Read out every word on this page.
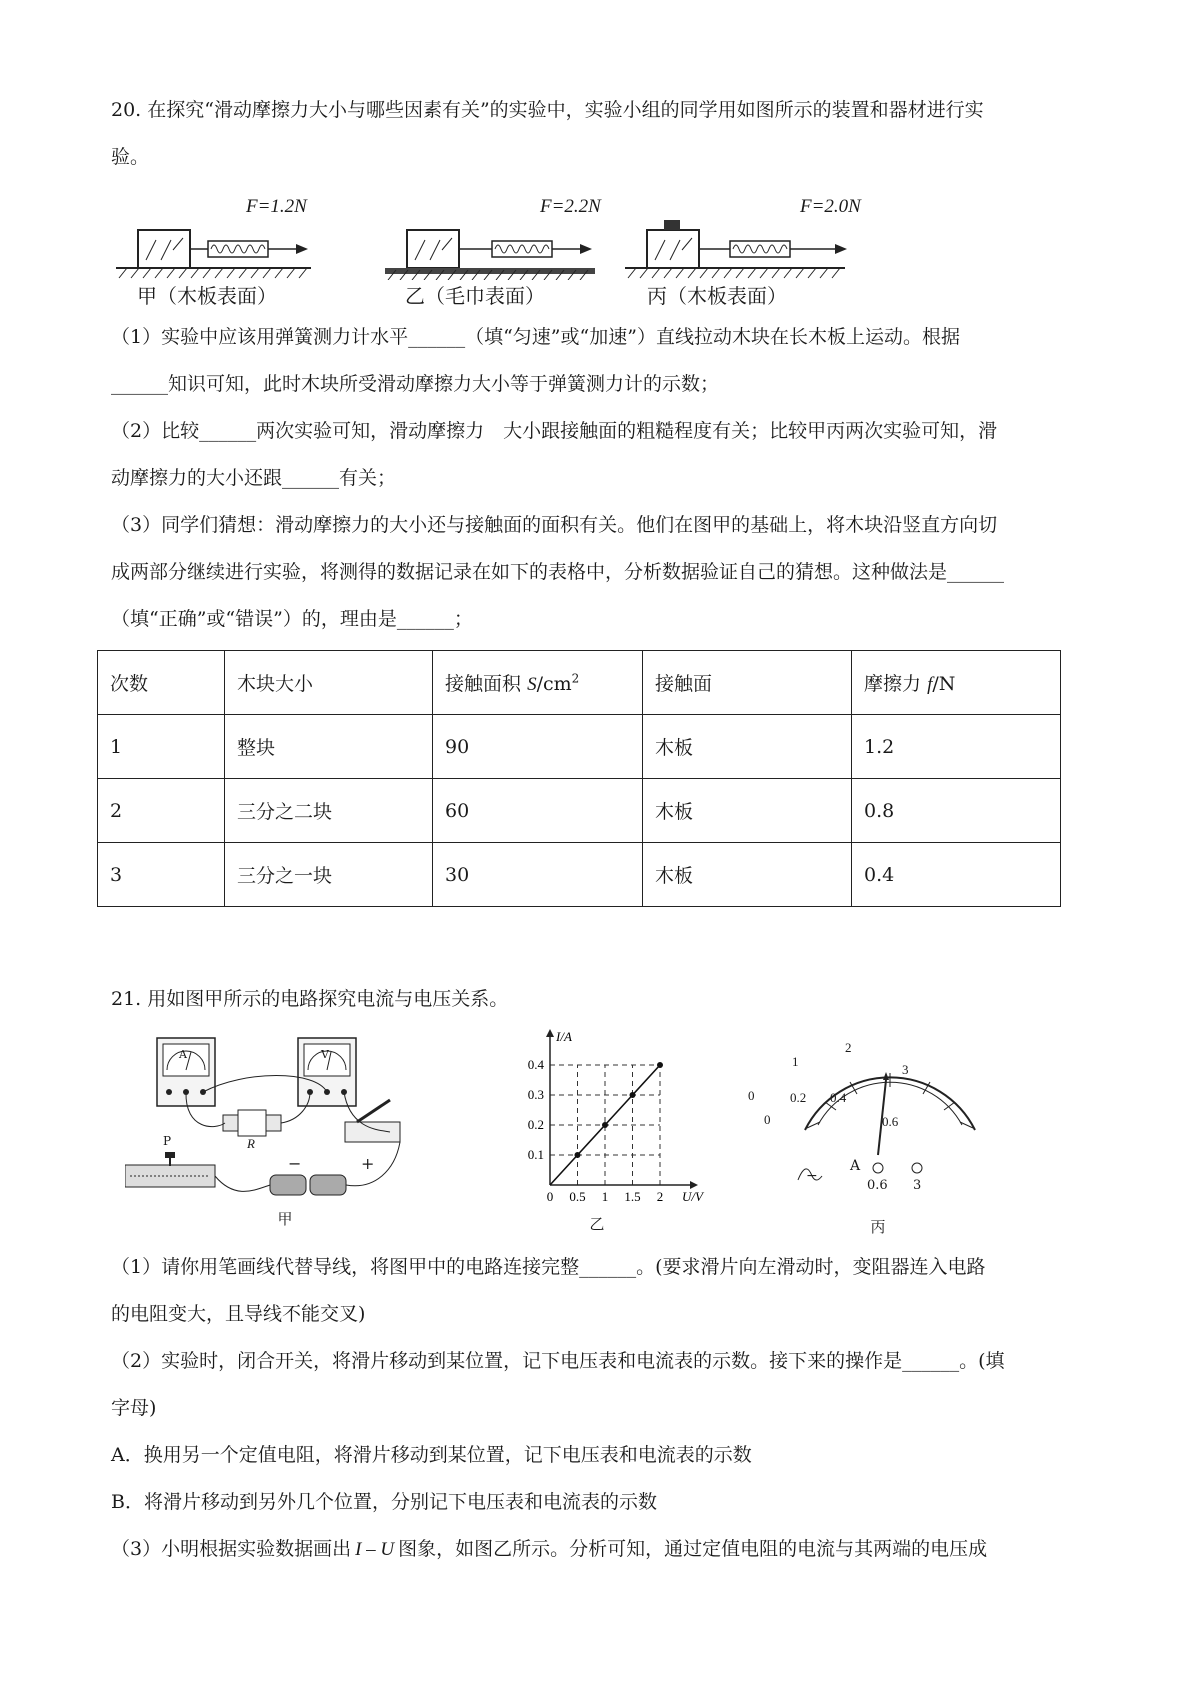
20. 在探究“滑动摩擦力大小与哪些因素有关”的实验中，实验小组的同学用如图所示的装置和器材进行实

验。

F=1.2N
甲（木板表面）
F=2.2N
乙（毛巾表面）
F=2.0N
丙（木板表面）

（1）实验中应该用弹簧测力计水平______（填“匀速”或“加速”）直线拉动木块在长木板上运动。根据

______知识可知，此时木块所受滑动摩擦力大小等于弹簧测力计的示数；

（2）比较______两次实验可知，滑动摩擦力　大小跟接触面的粗糙程度有关；比较甲丙两次实验可知，滑

动摩擦力的大小还跟______有关；

（3）同学们猜想：滑动摩擦力的大小还与接触面的面积有关。他们在图甲的基础上，将木块沿竖直方向切

成两部分继续进行实验，将测得的数据记录在如下的表格中，分析数据验证自己的猜想。这种做法是______

（填“正确”或“错误”）的，理由是______；

次数	木块大小	接触面积 $S/cm^2$	接触面	摩擦力 f/N
1	整块	90	木板	1.2
2	三分之二块	60	木板	0.8
3	三分之一块	30	木板	0.4

21. 用如图甲所示的电路探究电流与电压关系。

A	V
R
P
−	+
甲
0 0.5 1 1.5 2
0.1
0.2
0.3
0.4
U/V
I/A
乙
0
1
2
3
0
0.2 0.4
0.6
A
−
0.6 3
丙

（1）请你用笔画线代替导线，将图甲中的电路连接完整______。(要求滑片向左滑动时，变阻器连入电路

的电阻变大，且导线不能交叉)

（2）实验时，闭合开关，将滑片移动到某位置，记下电压表和电流表的示数。接下来的操作是______。(填

字母)

A．换用另一个定值电阻，将滑片移动到某位置，记下电压表和电流表的示数

B．将滑片移动到另外几个位置，分别记下电压表和电流表的示数

（3）小明根据实验数据画出 I – U 图象，如图乙所示。分析可知，通过定值电阻的电流与其两端的电压成
